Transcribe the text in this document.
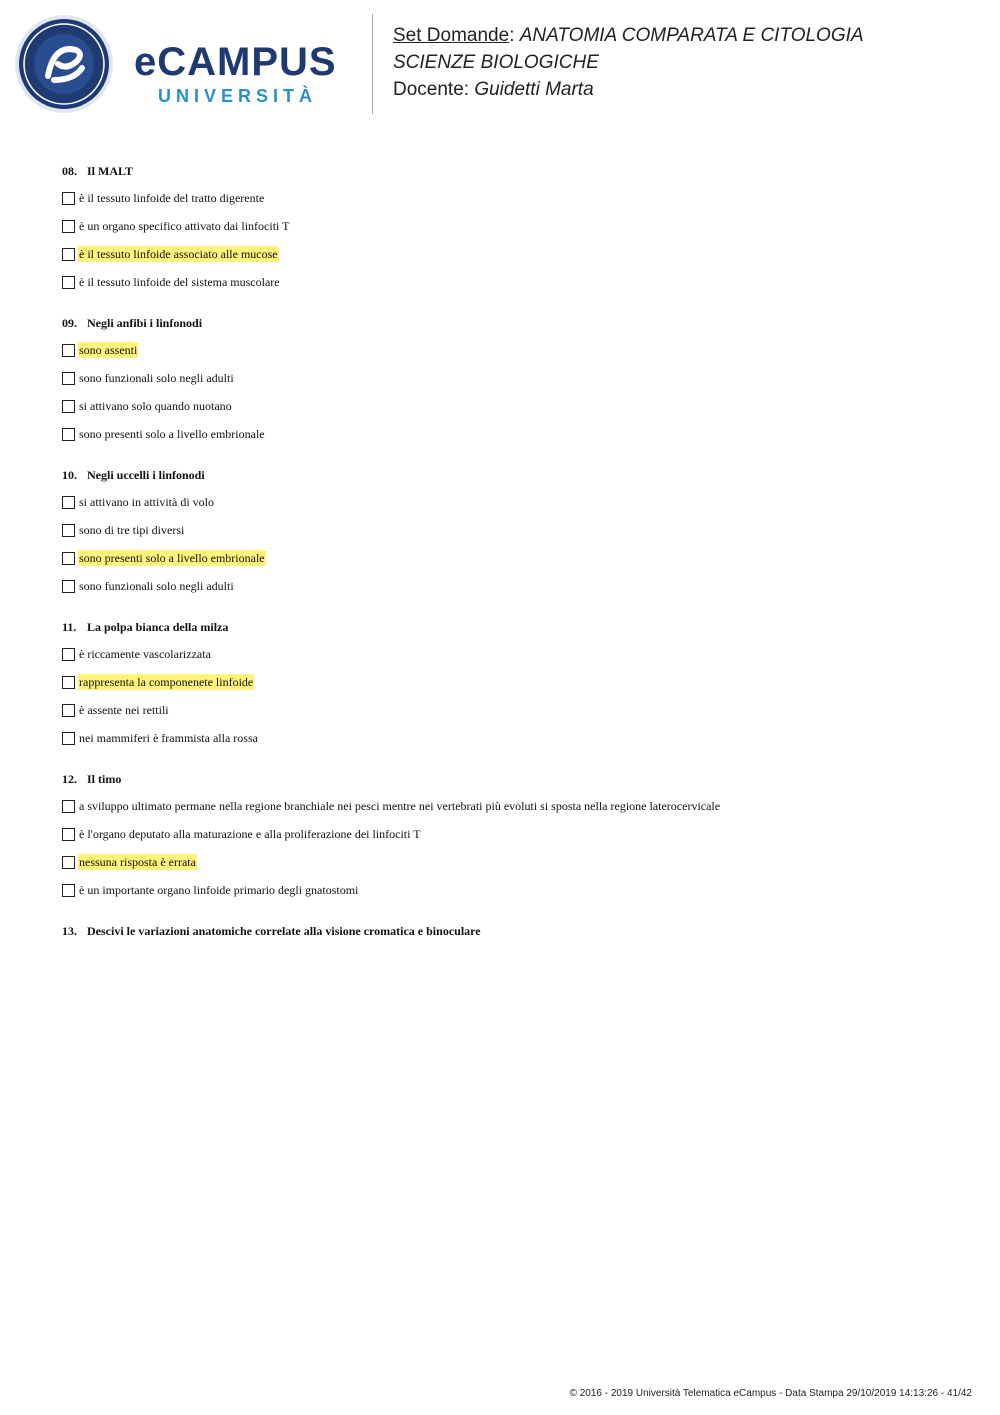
eCAMPUS
UNIVERSITÀ
Set Domande: ANATOMIA COMPARATA E CITOLOGIA
SCIENZE BIOLOGICHE
Docente: Guidetti Marta
08. Il MALT
è il tessuto linfoide del tratto digerente
è un organo specifico attivato dai linfociti T
è il tessuto linfoide associato alle mucose
è il tessuto linfoide del sistema muscolare
09. Negli anfibi i linfonodi
sono assenti
sono funzionali solo negli adulti
si attivano solo quando nuotano
sono presenti solo a livello embrionale
10. Negli uccelli i linfonodi
si attivano in attività di volo
sono di tre tipi diversi
sono presenti solo a livello embrionale
sono funzionali solo negli adulti
11. La polpa bianca della milza
è riccamente vascolarizzata
rappresenta la componenete linfoide
è assente nei rettili
nei mammiferi è frammista alla rossa
12. Il timo
a sviluppo ultimato permane nella regione branchiale nei pesci mentre nei vertebrati più evoluti si sposta nella regione laterocervicale
è l'organo deputato alla maturazione e alla proliferazione dei linfociti T
nessuna risposta è errata
è un importante organo linfoide primario degli gnatostomi
13. Descivi le variazioni anatomiche correlate alla visione cromatica e binoculare
© 2016 - 2019 Università Telematica eCampus - Data Stampa 29/10/2019 14:13:26 - 41/42
